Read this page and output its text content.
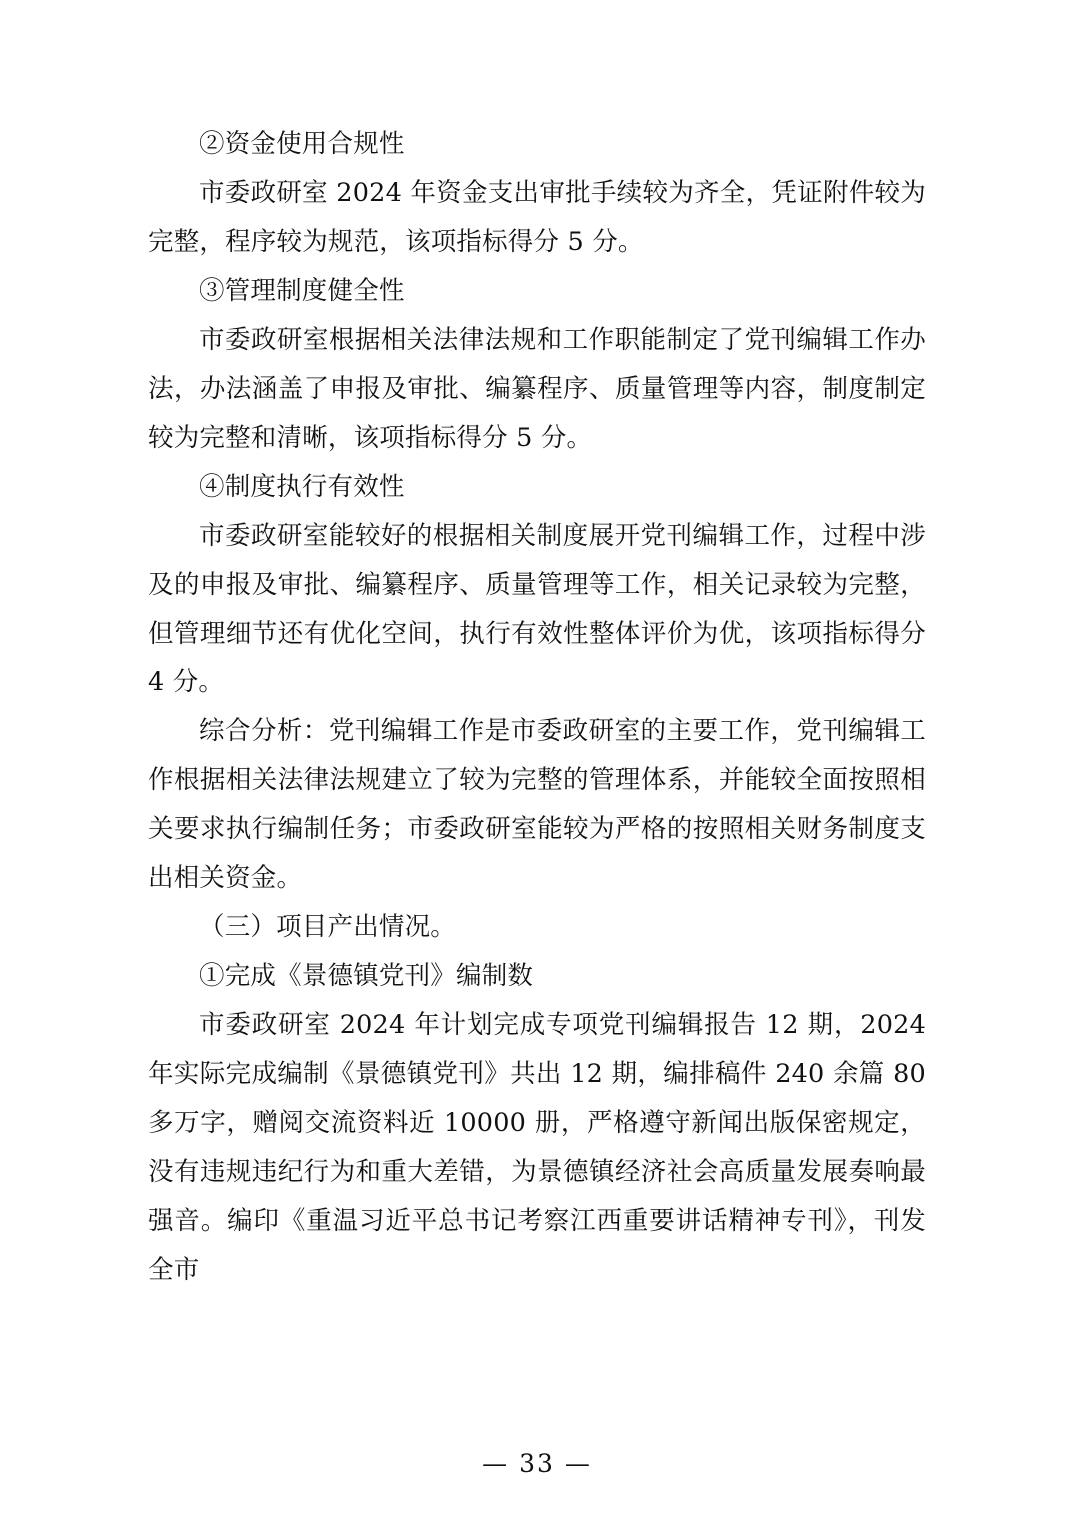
②资金使用合规性

市委政研室 2024 年资金支出审批手续较为齐全，凭证附件较为完整，程序较为规范，该项指标得分 5 分。

③管理制度健全性

市委政研室根据相关法律法规和工作职能制定了党刊编辑工作办法，办法涵盖了申报及审批、编纂程序、质量管理等内容，制度制定较为完整和清晰，该项指标得分 5 分。

④制度执行有效性

市委政研室能较好的根据相关制度展开党刊编辑工作，过程中涉及的申报及审批、编纂程序、质量管理等工作，相关记录较为完整，但管理细节还有优化空间，执行有效性整体评价为优，该项指标得分 4 分。

综合分析：党刊编辑工作是市委政研室的主要工作，党刊编辑工作根据相关法律法规建立了较为完整的管理体系，并能较全面按照相关要求执行编制任务；市委政研室能较为严格的按照相关财务制度支出相关资金。

（三）项目产出情况。

①完成《景德镇党刊》编制数

市委政研室 2024 年计划完成专项党刊编辑报告 12 期，2024 年实际完成编制《景德镇党刊》共出 12 期，编排稿件 240 余篇 80 多万字，赠阅交流资料近 10000 册，严格遵守新闻出版保密规定，没有违规违纪行为和重大差错，为景德镇经济社会高质量发展奏响最强音。编印《重温习近平总书记考察江西重要讲话精神专刊》，刊发全市

— 33 —
